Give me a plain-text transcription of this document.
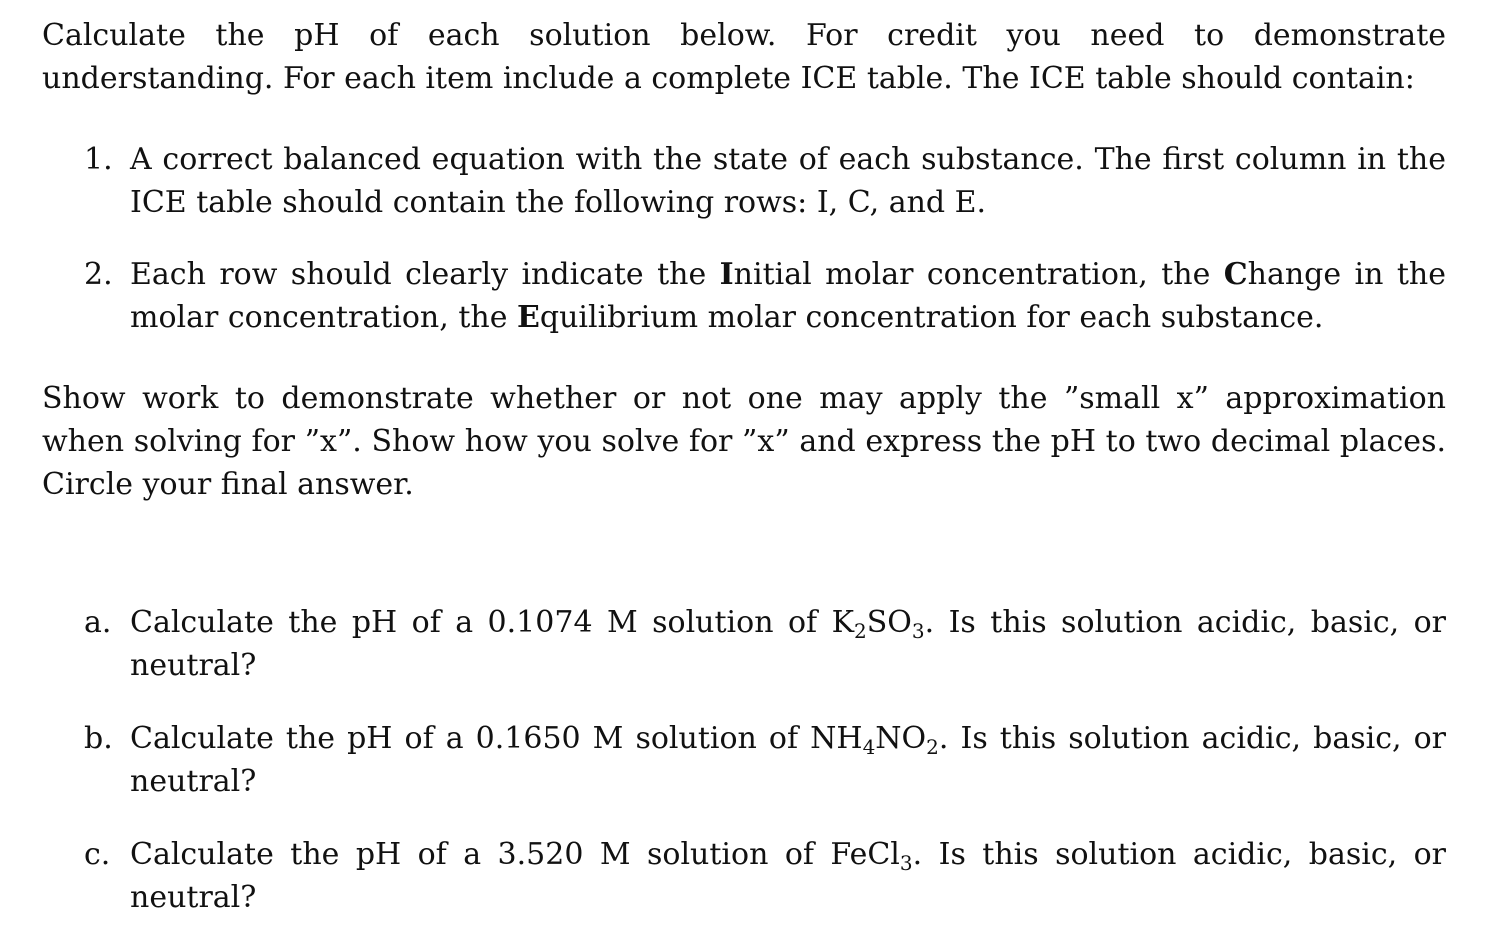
Calculate the pH of each solution below. For credit you need to demonstrate understanding. For each item include a complete ICE table. The ICE table should contain:

1. A correct balanced equation with the state of each substance. The first column in the ICE table should contain the following rows: I, C, and E.
2. Each row should clearly indicate the Initial molar concentration, the Change in the molar concentration, the Equilibrium molar concentration for each substance.

Show work to demonstrate whether or not one may apply the ”small x” approximation when solving for ”x”. Show how you solve for ”x” and express the pH to two decimal places. Circle your final answer.

a. Calculate the pH of a 0.1074 M solution of $K_2SO_3$. Is this solution acidic, basic, or neutral?
b. Calculate the pH of a 0.1650 M solution of $NH_4NO_2$. Is this solution acidic, basic, or neutral?
c. Calculate the pH of a 3.520 M solution of FeCl$_3$. Is this solution acidic, basic, or neutral?
